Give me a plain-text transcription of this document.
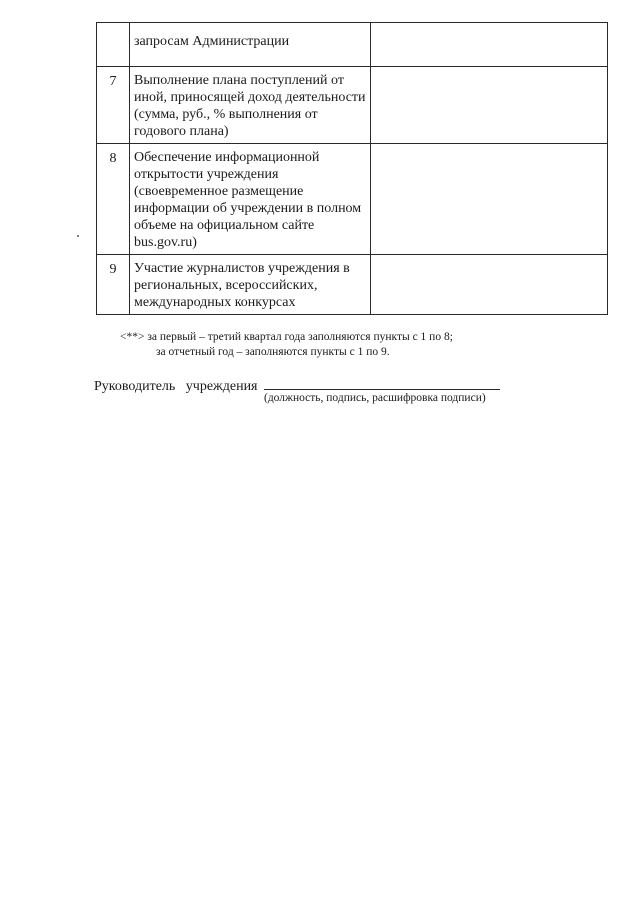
	запросам Администрации	
7	Выполнение плана поступлений от иной, приносящей доход деятельности (сумма, руб., % выполнения от годового плана)	
8	Обеспечение информационной открытости учреждения (своевременное размещение информации об учреждении в полном объеме на официальном сайте bus.gov.ru)	
9	Участие журналистов учреждения в региональных, всероссийских, международных конкурсах	
<**> за первый – третий квартал года заполняются пункты с 1 по 8;
за отчетный год – заполняются пункты с 1 по 9.
Руководитель   учреждения
(должность, подпись, расшифровка подписи)
